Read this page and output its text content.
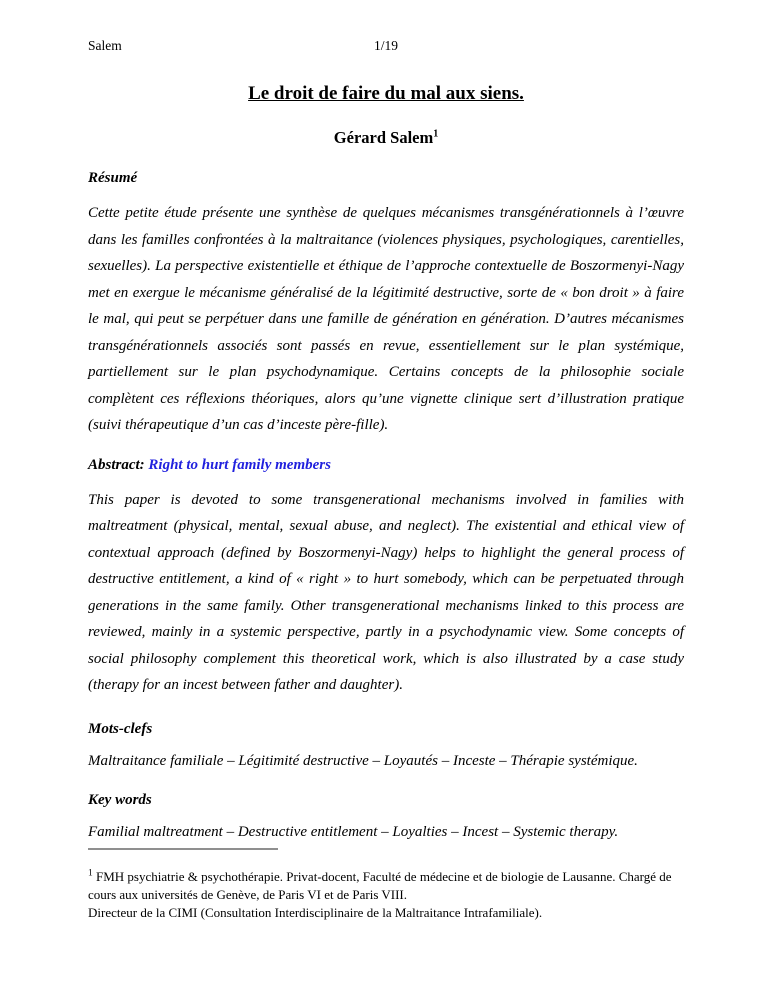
Salem	1/19
Le droit de faire du mal aux siens.
Gérard Salem$^1$
Résumé

Cette petite étude présente une synthèse de quelques mécanismes transgénérationnels à l’œuvre dans les familles confrontées à la maltraitance (violences physiques, psychologiques, carentielles, sexuelles). La perspective existentielle et éthique de l’approche contextuelle de Boszormenyi-Nagy met en exergue le mécanisme généralisé de la légitimité destructive, sorte de « bon droit » à faire le mal, qui peut se perpétuer dans une famille de génération en génération. D’autres mécanismes transgénérationnels associés sont passés en revue, essentiellement sur le plan systémique, partiellement sur le plan psychodynamique. Certains concepts de la philosophie sociale complètent ces réflexions théoriques, alors qu’une vignette clinique sert d’illustration pratique (suivi thérapeutique d’un cas d’inceste père-fille).

Abstract: Right to hurt family members

This paper is devoted to some transgenerational mechanisms involved in families with maltreatment (physical, mental, sexual abuse, and neglect). The existential and ethical view of contextual approach (defined by Boszormenyi-Nagy) helps to highlight the general process of destructive entitlement, a kind of « right » to hurt somebody, which can be perpetuated through generations in the same family. Other transgenerational mechanisms linked to this process are reviewed, mainly in a systemic perspective, partly in a psychodynamic view. Some concepts of social philosophy complement this theoretical work, which is also illustrated by a case study (therapy for an incest between father and daughter).

Mots-clefs

Maltraitance familiale – Légitimité destructive – Loyautés – Inceste – Thérapie systémique.

Key words

Familial maltreatment – Destructive entitlement – Loyalties – Incest – Systemic therapy.

$^1$ FMH psychiatrie & psychothérapie. Privat-docent, Faculté de médecine et de biologie de Lausanne. Chargé de cours aux universités de Genève, de Paris VI et de Paris VIII.
Directeur de la CIMI (Consultation Interdisciplinaire de la Maltraitance Intrafamiliale).
